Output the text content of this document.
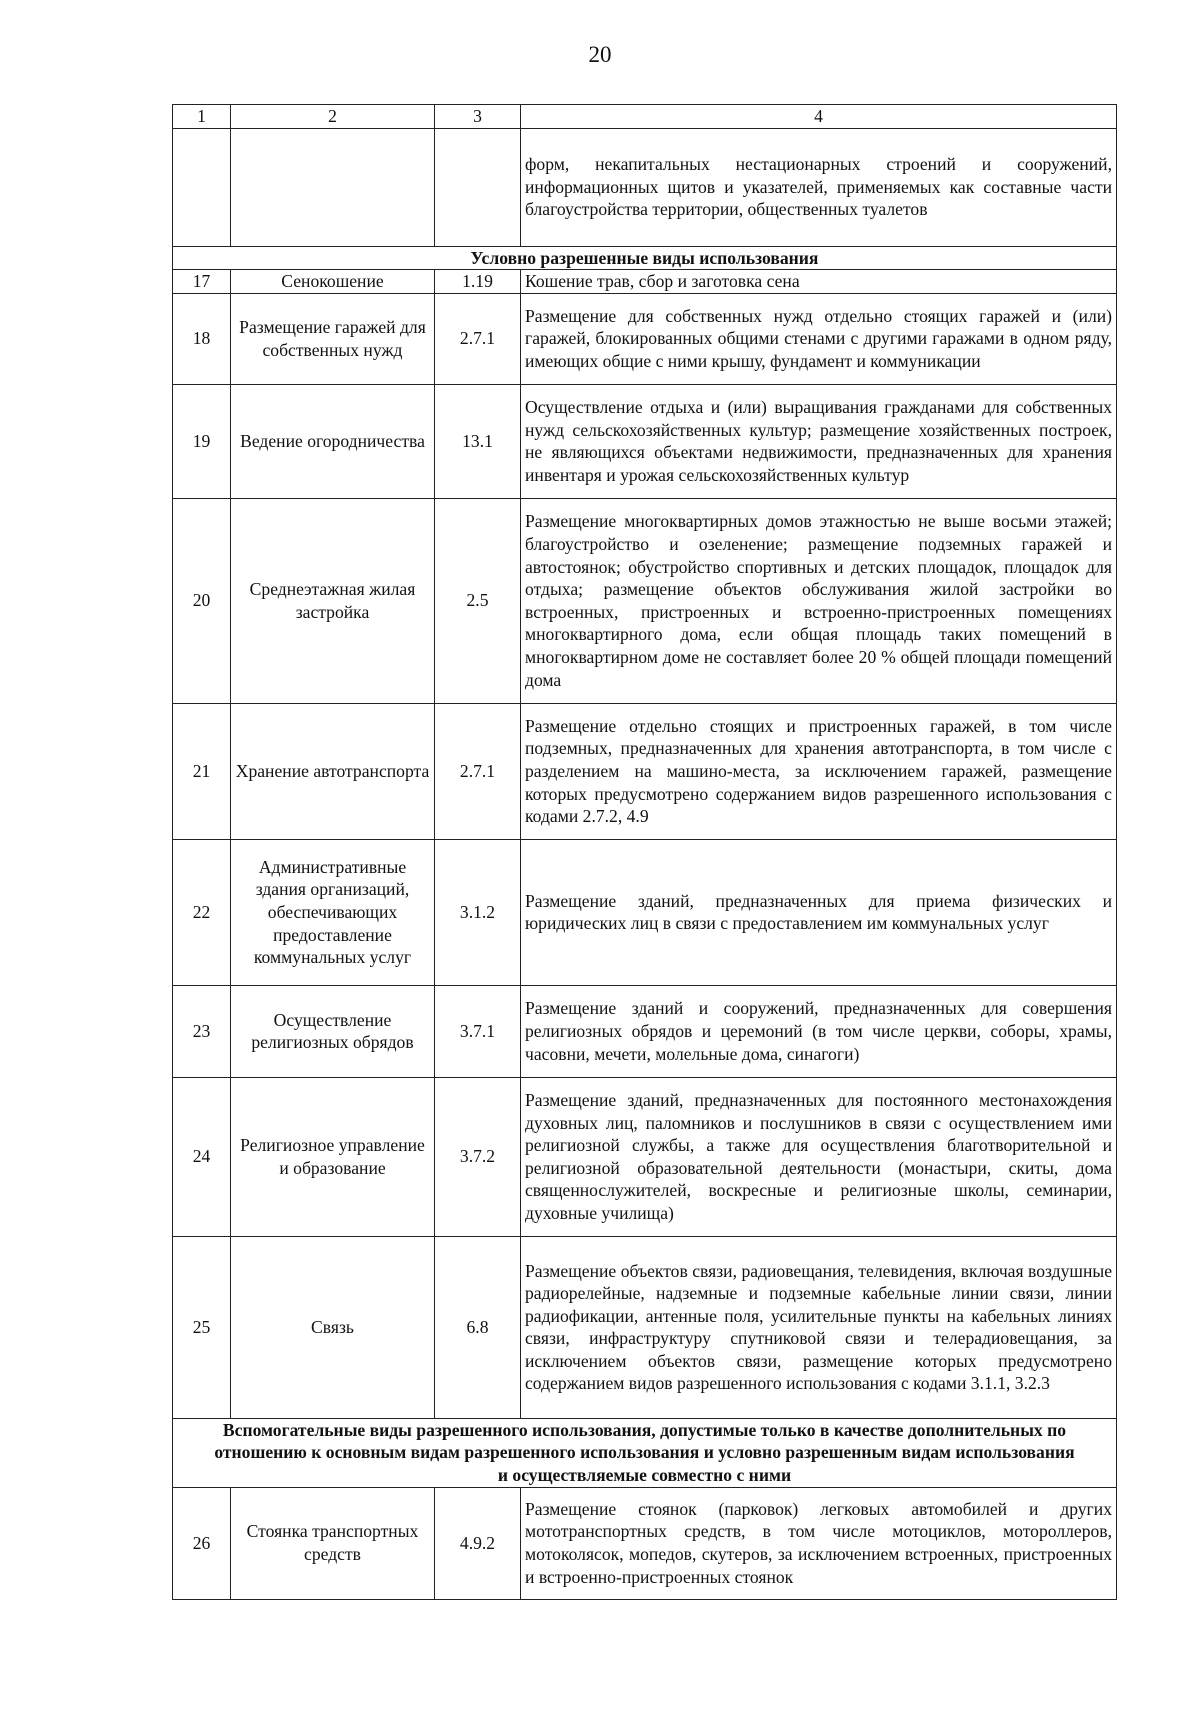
20
1	2	3	4
			форм, некапитальных нестационарных строений и сооружений, информационных щитов и указателей, применяемых как составные части благоустройства территории, общественных туалетов
Условно разрешенные виды использования			
17	Сенокошение	1.19	Кошение трав, сбор и заготовка сена
18	Размещение гаражей для собственных нужд	2.7.1	Размещение для собственных нужд отдельно стоящих гаражей и (или) гаражей, блокированных общими стенами с другими гаражами в одном ряду, имеющих общие с ними крышу, фундамент и коммуникации
19	Ведение огородничества	13.1	Осуществление отдыха и (или) выращивания гражданами для собственных нужд сельскохозяйственных культур; размещение хозяйственных построек, не являющихся объектами недвижимости, предназначенных для хранения инвентаря и урожая сельскохозяйственных культур
20	Среднеэтажная жилая застройка	2.5	Размещение многоквартирных домов этажностью не выше восьми этажей; благоустройство и озеленение; размещение подземных гаражей и автостоянок; обустройство спортивных и детских площадок, площадок для отдыха; размещение объектов обслуживания жилой застройки во встроенных, пристроенных и встроенно-пристроенных помещениях многоквартирного дома, если общая площадь таких помещений в многоквартирном доме не составляет более 20 % общей площади помещений дома
21	Хранение автотранспорта	2.7.1	Размещение отдельно стоящих и пристроенных гаражей, в том числе подземных, предназначенных для хранения автотранспорта, в том числе с разделением на машино-места, за исключением гаражей, размещение которых предусмотрено содержанием видов разрешенного использования с кодами 2.7.2, 4.9
22	Административные здания организаций, обеспечивающих предоставление коммунальных услуг	3.1.2	Размещение зданий, предназначенных для приема физических и юридических лиц в связи с предоставлением им коммунальных услуг
23	Осуществление религиозных обрядов	3.7.1	Размещение зданий и сооружений, предназначенных для совершения религиозных обрядов и церемоний (в том числе церкви, соборы, храмы, часовни, мечети, молельные дома, синагоги)
24	Религиозное управление и образование	3.7.2	Размещение зданий, предназначенных для постоянного местонахождения духовных лиц, паломников и послушников в связи с осуществлением ими религиозной службы, а также для осуществления благотворительной и религиозной образовательной деятельности (монастыри, скиты, дома священнослужителей, воскресные и религиозные школы, семинарии, духовные училища)
25	Связь	6.8	Размещение объектов связи, радиовещания, телевидения, включая воздушные радиорелейные, надземные и подземные кабельные линии связи, линии радиофикации, антенные поля, усилительные пункты на кабельных линиях связи, инфраструктуру спутниковой связи и телерадиовещания, за исключением объектов связи, размещение которых предусмотрено содержанием видов разрешенного использования с кодами 3.1.1, 3.2.3
Вспомогательные виды разрешенного использования, допустимые только в качестве дополнительных по отношению к основным видам разрешенного использования и условно разрешенным видам использования и осуществляемые совместно с ними			
26	Стоянка транспортных средств	4.9.2	Размещение стоянок (парковок) легковых автомобилей и других мототранспортных средств, в том числе мотоциклов, мотороллеров, мотоколясок, мопедов, скутеров, за исключением встроенных, пристроенных и встроенно-пристроенных стоянок
